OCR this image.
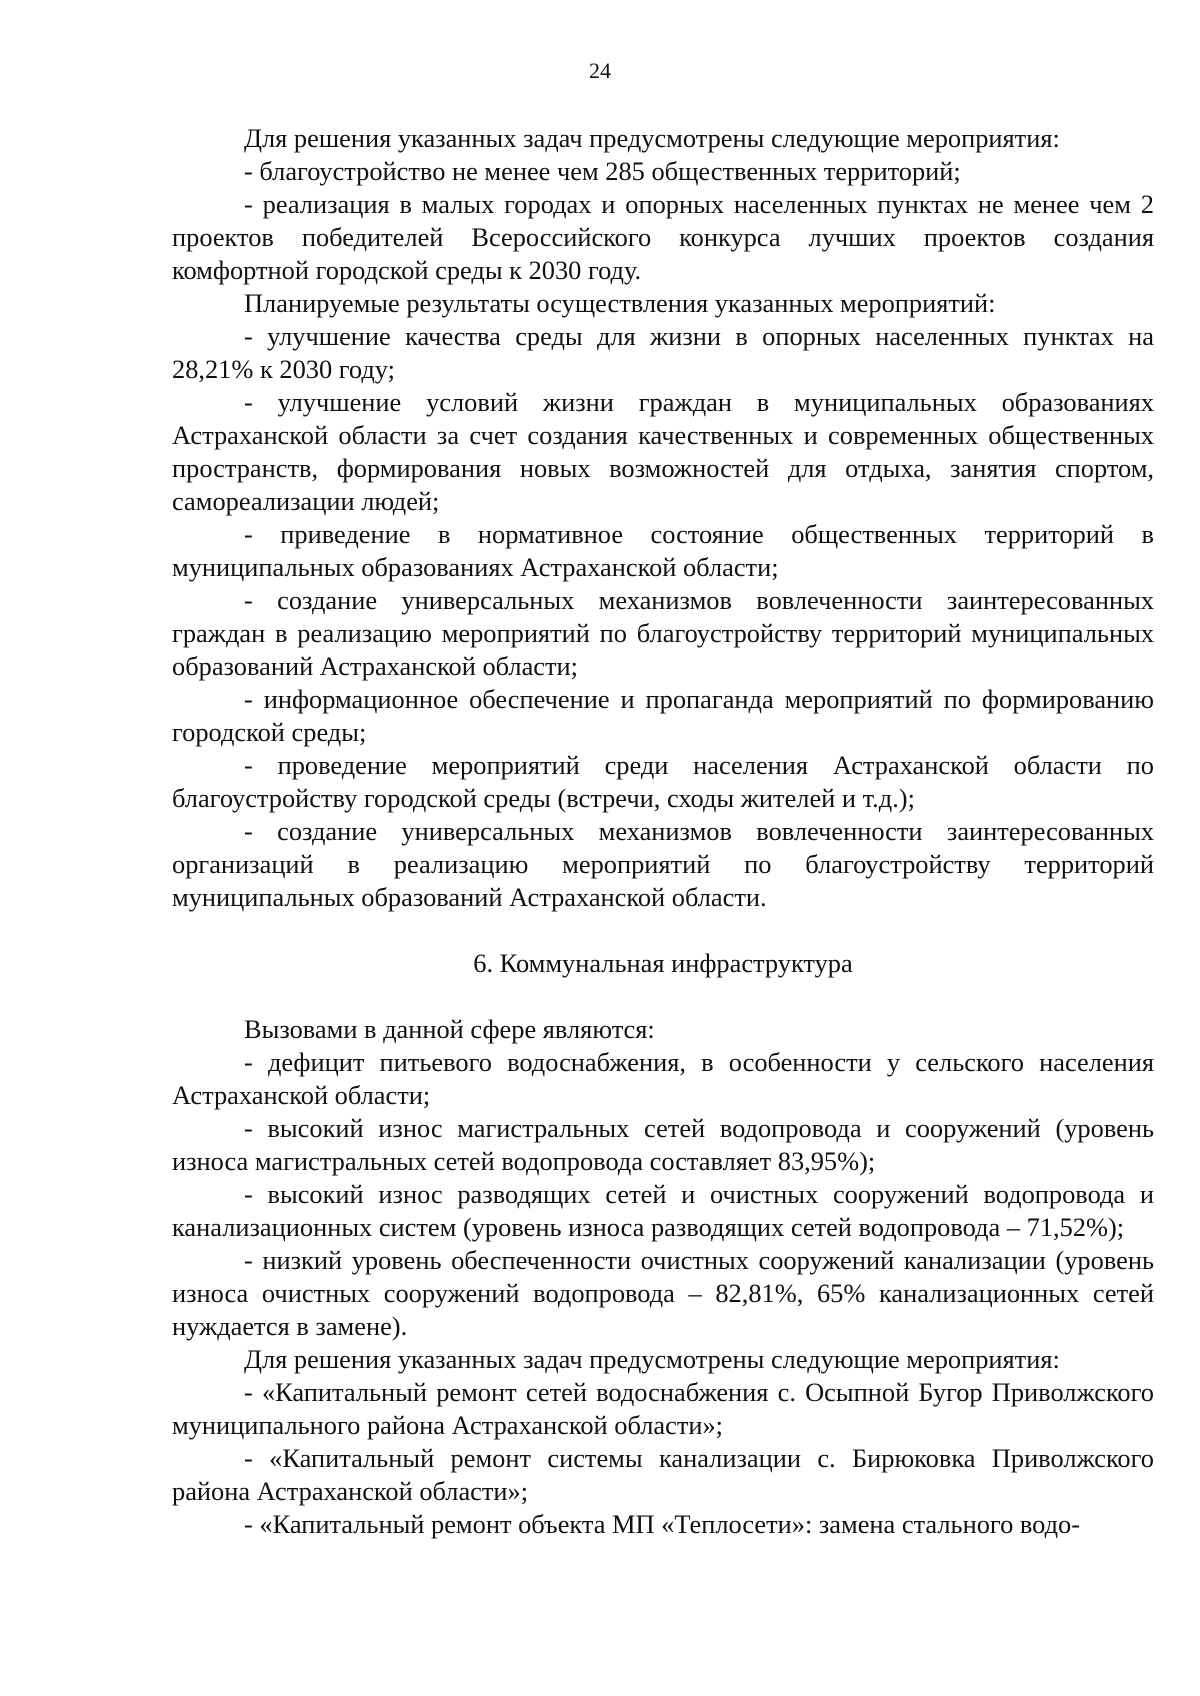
24

Для решения указанных задач предусмотрены следующие мероприятия:

- благоустройство не менее чем 285 общественных территорий;

- реализация в малых городах и опорных населенных пунктах не менее чем 2 проектов победителей Всероссийского конкурса лучших проектов создания комфортной городской среды к 2030 году.

Планируемые результаты осуществления указанных мероприятий:

- улучшение качества среды для жизни в опорных населенных пунктах на 28,21% к 2030 году;

- улучшение условий жизни граждан в муниципальных образованиях Астраханской области за счет создания качественных и современных общественных пространств, формирования новых возможностей для отдыха, занятия спортом, самореализации людей;

- приведение в нормативное состояние общественных территорий в муниципальных образованиях Астраханской области;

- создание универсальных механизмов вовлеченности заинтересованных граждан в реализацию мероприятий по благоустройству территорий муниципальных образований Астраханской области;

- информационное обеспечение и пропаганда мероприятий по формированию городской среды;

- проведение мероприятий среди населения Астраханской области по благоустройству городской среды (встречи, сходы жителей и т.д.);

- создание универсальных механизмов вовлеченности заинтересованных организаций в реализацию мероприятий по благоустройству территорий муниципальных образований Астраханской области.

6. Коммунальная инфраструктура

Вызовами в данной сфере являются:

- дефицит питьевого водоснабжения, в особенности у сельского населения Астраханской области;

- высокий износ магистральных сетей водопровода и сооружений (уровень износа магистральных сетей водопровода составляет 83,95%);

- высокий износ разводящих сетей и очистных сооружений водопровода и канализационных систем (уровень износа разводящих сетей водопровода – 71,52%);

- низкий уровень обеспеченности очистных сооружений канализации (уровень износа очистных сооружений водопровода – 82,81%, 65% канализационных сетей нуждается в замене).

Для решения указанных задач предусмотрены следующие мероприятия:

- «Капитальный ремонт сетей водоснабжения с. Осыпной Бугор Приволжского муниципального района Астраханской области»;

- «Капитальный ремонт системы канализации с. Бирюковка Приволжского района Астраханской области»;

- «Капитальный ремонт объекта МП «Теплосети»: замена стального водо-
